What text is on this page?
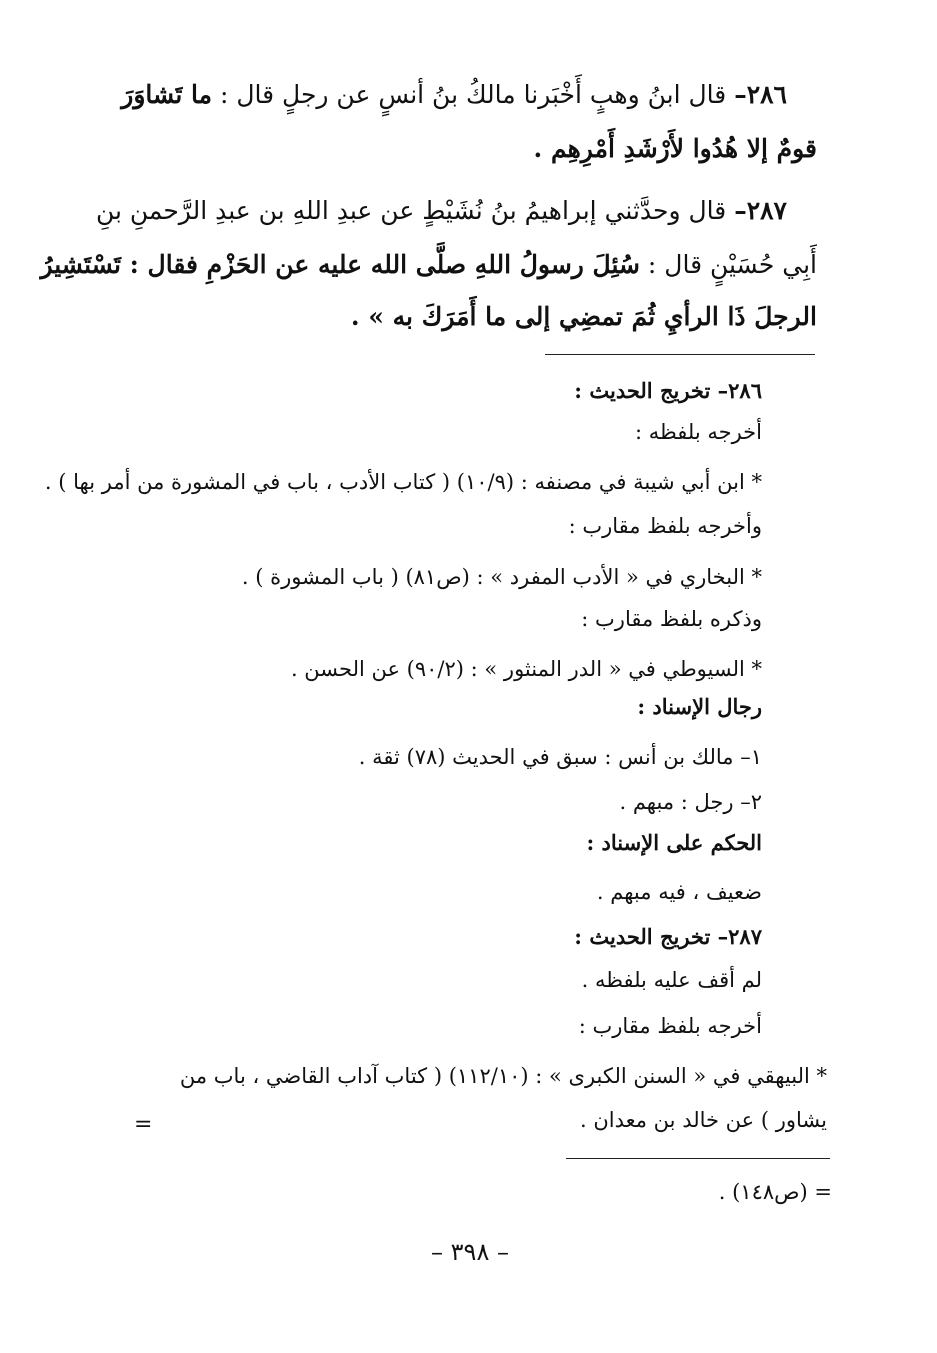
٢٨٦– قال ابنُ وهبٍ أَخْبَرنا مالكُ بنُ أنسٍ عن رجلٍ قال : ما تَشاوَرَ
قومٌ إلا هُدُوا لأَرْشَدِ أَمْرِهِم .
٢٨٧– قال وحدَّثني إبراهيمُ بنُ نُشَيْطٍ عن عبدِ اللهِ بن عبدِ الرَّحمنِ بنِ
أَبِي حُسَيْنٍ قال : سُئِلَ رسولُ اللهِ صلَّى الله عليه عن الحَزْمِ فقال : تَسْتَشِيرُ
الرجلَ ذَا الرأيِ ثُمَ تمضِي إلى ما أَمَرَكَ به » .
٢٨٦– تخريج الحديث :
أخرجه بلفظه :
* ابن أبي شيبة في مصنفه : (١٠/٩) ( كتاب الأدب ، باب في المشورة من أمر بها ) .
وأخرجه بلفظ مقارب :
* البخاري في « الأدب المفرد » : (ص٨١) ( باب المشورة ) .
وذكره بلفظ مقارب :
* السيوطي في « الدر المنثور » : (٩٠/٢) عن الحسن .
رجال الإسناد :
١– مالك بن أنس : سبق في الحديث (٧٨) ثقة .
٢– رجل : مبهم .
الحكم على الإسناد :
ضعيف ، فيه مبهم .
٢٨٧– تخريج الحديث :
لم أقف عليه بلفظه .
أخرجه بلفظ مقارب :
* البيهقي في « السنن الكبرى » : (١١٢/١٠) ( كتاب آداب القاضي ، باب من
يشاور ) عن خالد بن معدان .
=
= (ص١٤٨) .
– ٣٩٨ –
